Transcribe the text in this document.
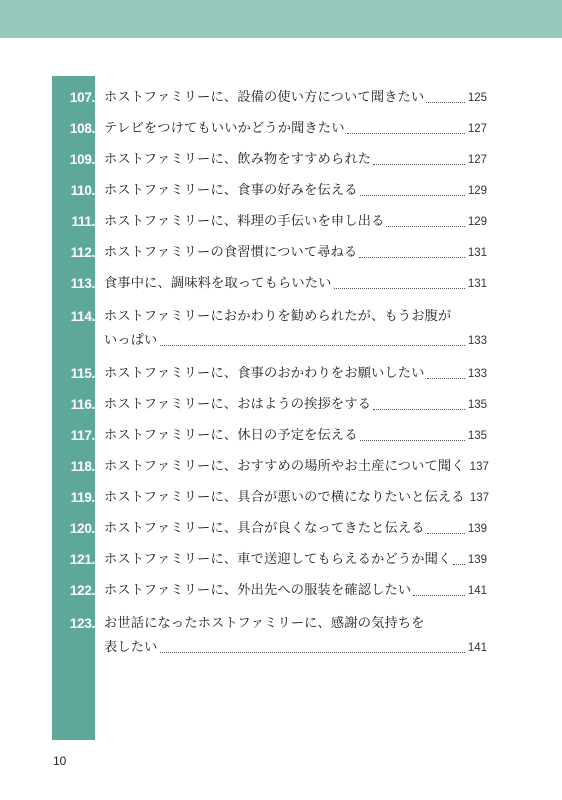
107. ホストファミリーに、設備の使い方について聞きたい	125
108. テレビをつけてもいいかどうか聞きたい	127
109. ホストファミリーに、飲み物をすすめられた	127
110. ホストファミリーに、食事の好みを伝える	129
111. ホストファミリーに、料理の手伝いを申し出る	129
112. ホストファミリーの食習慣について尋ねる	131
113. 食事中に、調味料を取ってもらいたい	131
114. ホストファミリーにおかわりを勧められたが、もうお腹が
いっぱい	133
115. ホストファミリーに、食事のおかわりをお願いしたい	133
116. ホストファミリーに、おはようの挨拶をする	135
117. ホストファミリーに、休日の予定を伝える	135
118. ホストファミリーに、おすすめの場所やお土産について聞く 137
119. ホストファミリーに、具合が悪いので横になりたいと伝える 137
120. ホストファミリーに、具合が良くなってきたと伝える	139
121. ホストファミリーに、車で送迎してもらえるかどうか聞く 139
122. ホストファミリーに、外出先への服装を確認したい	141
123. お世話になったホストファミリーに、感謝の気持ちを
表したい	141
10
